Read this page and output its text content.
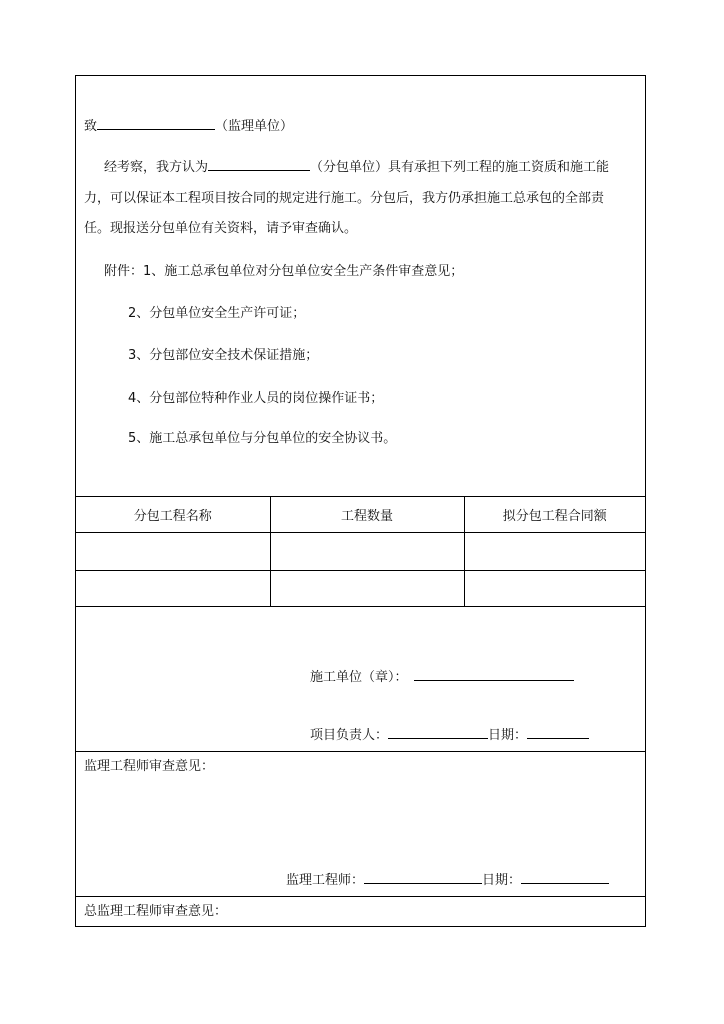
致	（监理单位）
经考察，我方认为	（分包单位）具有承担下列工程的施工资质和施工能
力，可以保证本工程项目按合同的规定进行施工。分包后，我方仍承担施工总承包的全部责
任。现报送分包单位有关资料，请予审查确认。
附件：1、施工总承包单位对分包单位安全生产条件审查意见；
2、分包单位安全生产许可证；
3、分包部位安全技术保证措施；
4、分包部位特种作业人员的岗位操作证书；
5、施工总承包单位与分包单位的安全协议书。
分包工程名称	工程数量	拟分包工程合同额

施工单位（章）：
项目负责人：	日期：
监理工程师审查意见：
监理工程师：	日期：
总监理工程师审查意见：
